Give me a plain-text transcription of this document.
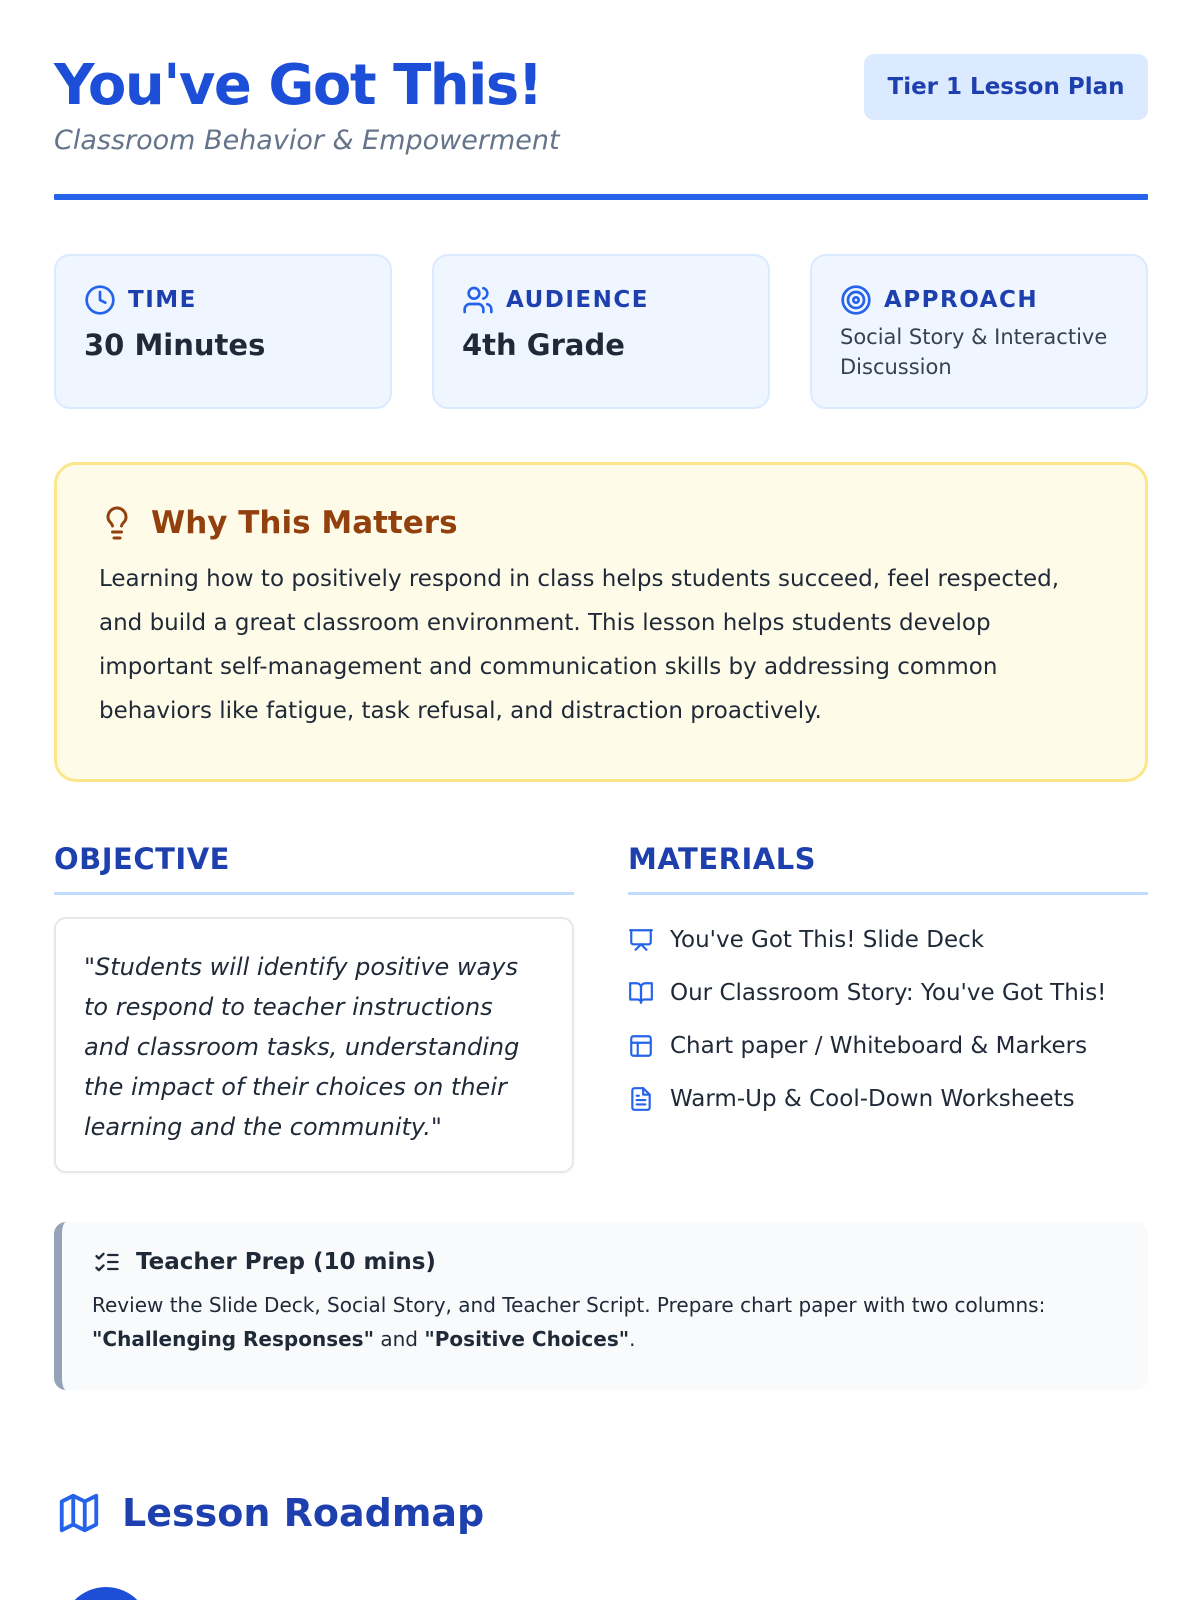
You've Got This!
Classroom Behavior & Empowerment
Tier 1 Lesson Plan
TIME
30 Minutes
AUDIENCE
4th Grade
APPROACH
Social Story & Interactive Discussion
Why This Matters
Learning how to positively respond in class helps students succeed, feel respected, and build a great classroom environment. This lesson helps students develop important self-management and communication skills by addressing common behaviors like fatigue, task refusal, and distraction proactively.
OBJECTIVE
"Students will identify positive ways to respond to teacher instructions and classroom tasks, understanding the impact of their choices on their learning and the community."
MATERIALS
You've Got This! Slide Deck
Our Classroom Story: You've Got This!
Chart paper / Whiteboard & Markers
Warm-Up & Cool-Down Worksheets
Teacher Prep (10 mins)
Review the Slide Deck, Social Story, and Teacher Script. Prepare chart paper with two columns: "Challenging Responses" and "Positive Choices".
Lesson Roadmap
